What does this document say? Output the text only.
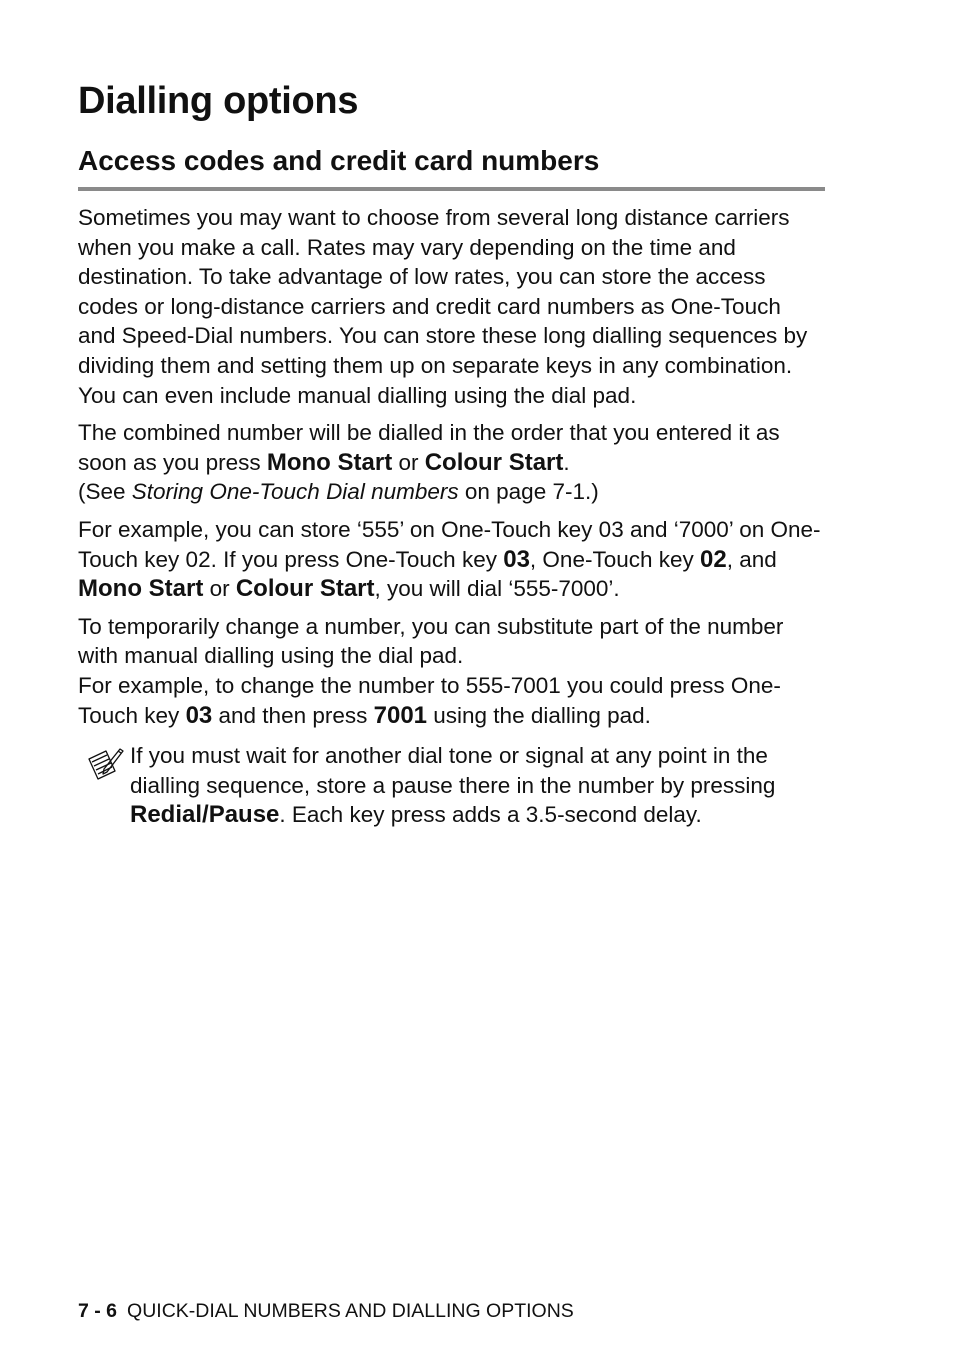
Dialling options
Access codes and credit card numbers

Sometimes you may want to choose from several long distance carriers when you make a call. Rates may vary depending on the time and destination. To take advantage of low rates, you can store the access codes or long-distance carriers and credit card numbers as One-Touch and Speed-Dial numbers. You can store these long dialling sequences by dividing them and setting them up on separate keys in any combination. You can even include manual dialling using the dial pad.

The combined number will be dialled in the order that you entered it as soon as you press Mono Start or Colour Start.
(See Storing One-Touch Dial numbers on page 7-1.)

For example, you can store ‘555’ on One-Touch key 03 and ‘7000’ on One-Touch key 02. If you press One-Touch key 03, One-Touch key 02, and Mono Start or Colour Start, you will dial ‘555-7000’.

To temporarily change a number, you can substitute part of the number with manual dialling using the dial pad.
For example, to change the number to 555-7001 you could press One-Touch key 03 and then press 7001 using the dialling pad.

If you must wait for another dial tone or signal at any point in the dialling sequence, store a pause there in the number by pressing Redial/Pause. Each key press adds a 3.5-second delay.

7 - 6 QUICK-DIAL NUMBERS AND DIALLING OPTIONS
